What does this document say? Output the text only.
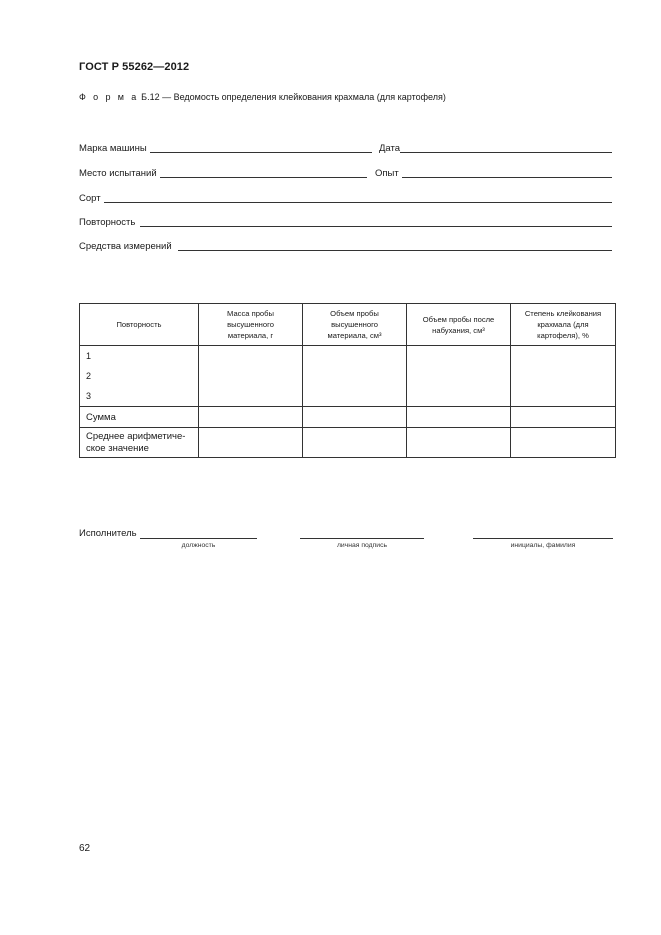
ГОСТ Р 55262—2012
Ф о р м а Б.12 — Ведомость определения клейкования крахмала (для картофеля)
Марка машины	Дата
Место испытаний	Опыт
Сорт
Повторность
Средства измерений
Повторность	Масса пробы высушенного материала, г	Объем пробы высушенного материала, см³	Объем пробы после набухания, см³	Степень клейкования крахмала (для картофеля), %

1
2
3				

Сумма				
Среднее арифметиче-
ское значение				
Исполнитель
должность	личная подпись	инициалы, фамилия
62
